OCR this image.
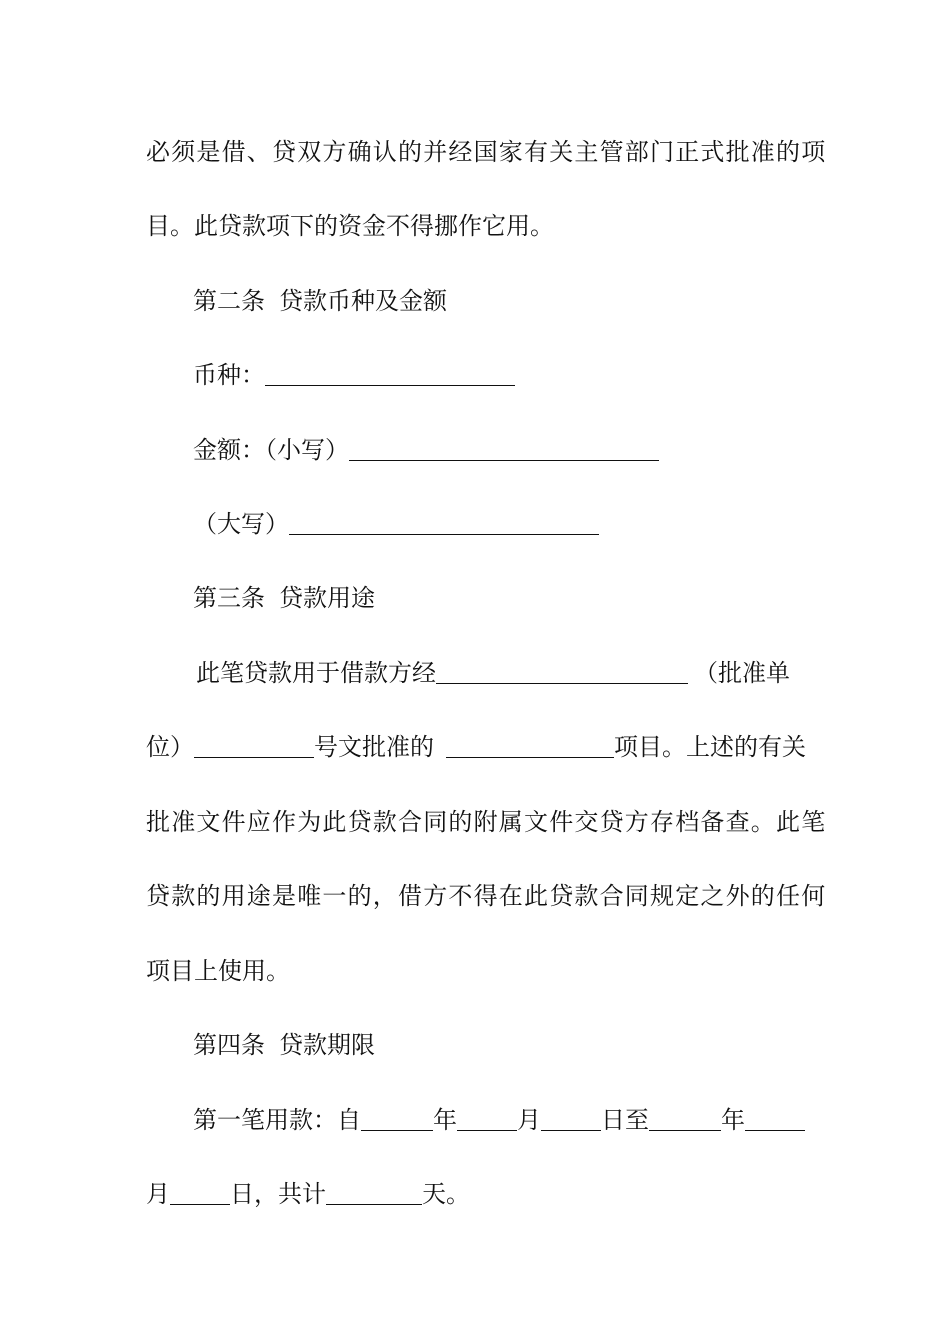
必须是借、贷双方确认的并经国家有关主管部门正式批准的项
目。此贷款项下的资金不得挪作它用。
第二条 贷款币种及金额
币种：
金额：（小写）
（大写）
第三条 贷款用途
此笔贷款用于借款方经	（批准单
位）	号文批准的	项目。上述的有关
批准文件应作为此贷款合同的附属文件交贷方存档备查。此笔
贷款的用途是唯一的，借方不得在此贷款合同规定之外的任何
项目上使用。
第四条 贷款期限
第一笔用款：自	年	月	日至	年
月	日，共计	天。
